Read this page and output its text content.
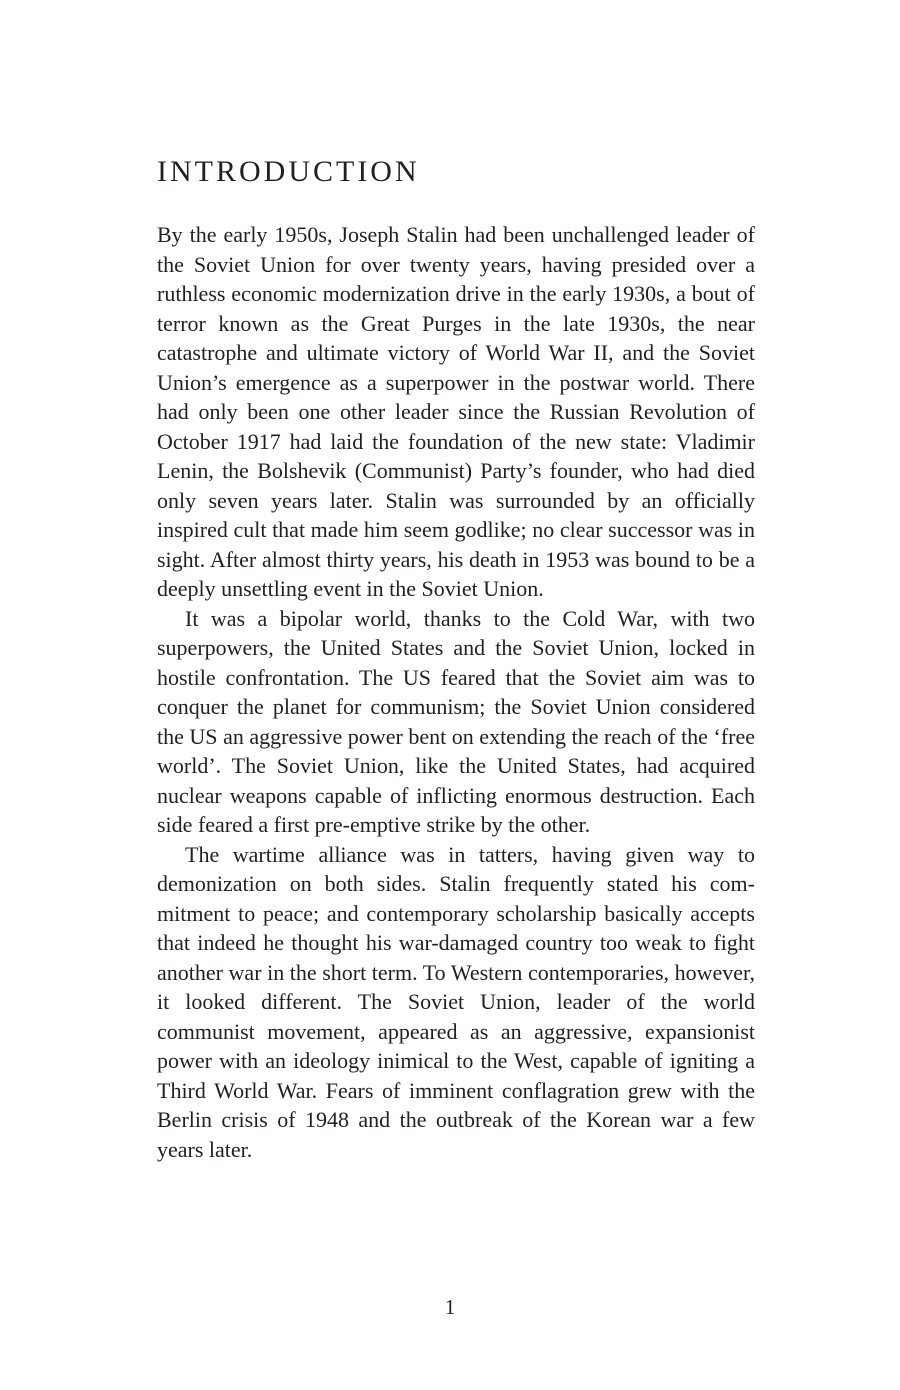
INTRODUCTION

By the early 1950s, Joseph Stalin had been unchallenged leader of the Soviet Union for over twenty years, having presided over a ruthless economic modernization drive in the early 1930s, a bout of terror known as the Great Purges in the late 1930s, the near catastrophe and ultimate victory of World War II, and the Soviet Union’s emergence as a superpower in the postwar world. There had only been one other leader since the Russian Revolution of October 1917 had laid the foundation of the new state: Vladimir Lenin, the Bolshevik (Communist) Party’s founder, who had died only seven years later. Stalin was surrounded by an officially inspired cult that made him seem godlike; no clear successor was in sight. After almost thirty years, his death in 1953 was bound to be a deeply unsettling event in the Soviet Union.

It was a bipolar world, thanks to the Cold War, with two superpowers, the United States and the Soviet Union, locked in hostile confrontation. The US feared that the Soviet aim was to conquer the planet for communism; the Soviet Union considered the US an aggressive power bent on extending the reach of the ‘free world’. The Soviet Union, like the United States, had acquired nuclear weapons capable of inflicting enormous destruction. Each side feared a first pre-emptive strike by the other.

The wartime alliance was in tatters, having given way to demonization on both sides. Stalin frequently stated his commitment to peace; and contemporary scholarship basically accepts that indeed he thought his war-damaged country too weak to fight another war in the short term. To Western contemporaries, however, it looked different. The Soviet Union, leader of the world communist movement, appeared as an aggressive, expansionist power with an ideology inimical to the West, capable of igniting a Third World War. Fears of imminent conflagration grew with the Berlin crisis of 1948 and the outbreak of the Korean war a few years later.

1
